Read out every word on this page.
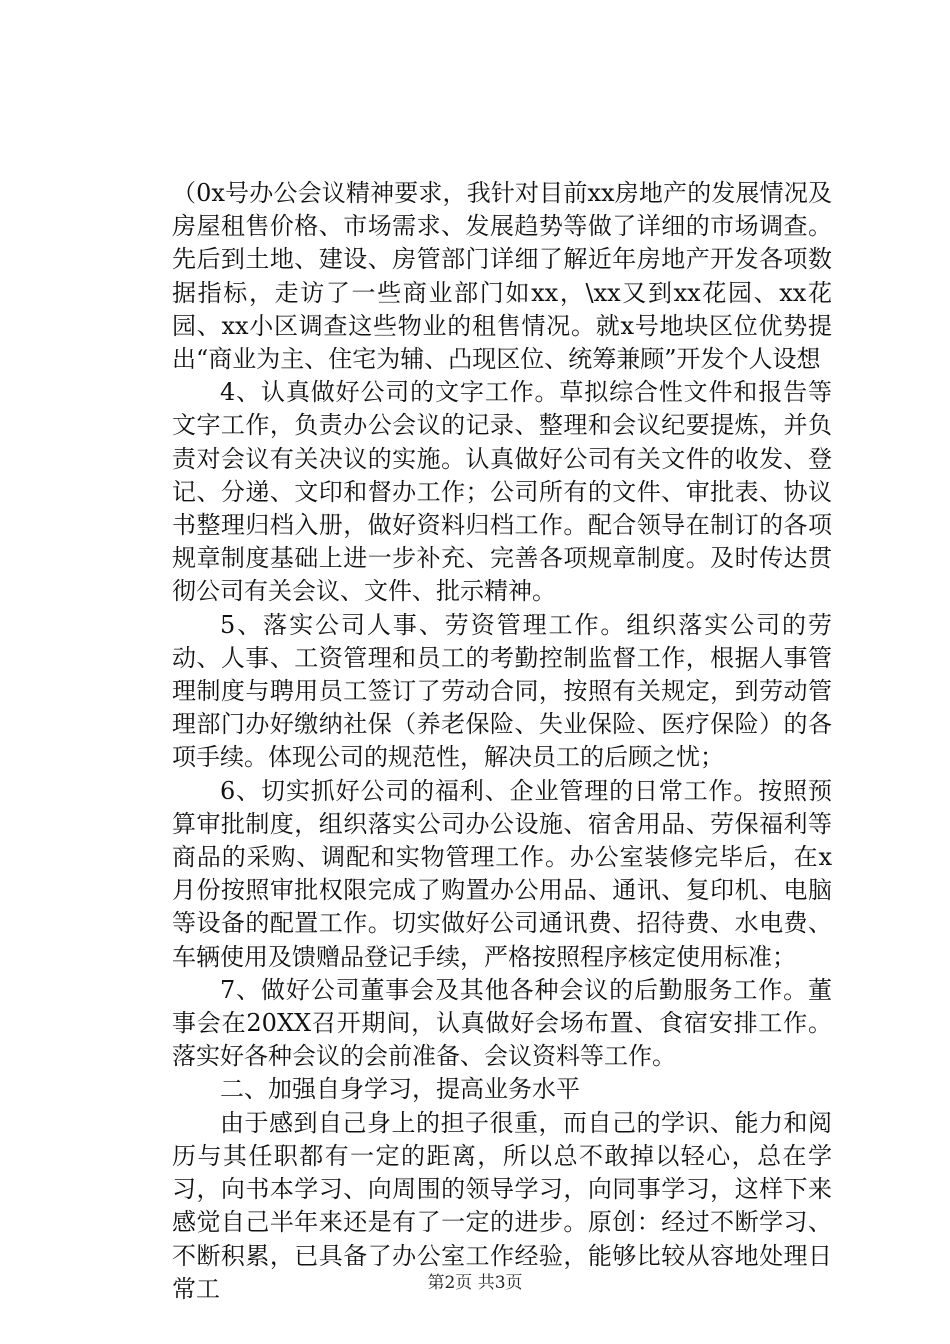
（0x号办公会议精神要求，我针对目前xx房地产的发展情况及房屋租售价格、市场需求、发展趋势等做了详细的市场调查。先后到土地、建设、房管部门详细了解近年房地产开发各项数据指标，走访了一些商业部门如xx，\xx又到xx花园、xx花园、xx小区调查这些物业的租售情况。就x号地块区位优势提出“商业为主、住宅为辅、凸现区位、统筹兼顾”开发个人设想

4、认真做好公司的文字工作。草拟综合性文件和报告等文字工作，负责办公会议的记录、整理和会议纪要提炼，并负责对会议有关决议的实施。认真做好公司有关文件的收发、登记、分递、文印和督办工作；公司所有的文件、审批表、协议书整理归档入册，做好资料归档工作。配合领导在制订的各项规章制度基础上进一步补充、完善各项规章制度。及时传达贯彻公司有关会议、文件、批示精神。

5、落实公司人事、劳资管理工作。组织落实公司的劳动、人事、工资管理和员工的考勤控制监督工作，根据人事管理制度与聘用员工签订了劳动合同，按照有关规定，到劳动管理部门办好缴纳社保（养老保险、失业保险、医疗保险）的各项手续。体现公司的规范性，解决员工的后顾之忧；

6、切实抓好公司的福利、企业管理的日常工作。按照预算审批制度，组织落实公司办公设施、宿舍用品、劳保福利等商品的采购、调配和实物管理工作。办公室装修完毕后，在x月份按照审批权限完成了购置办公用品、通讯、复印机、电脑等设备的配置工作。切实做好公司通讯费、招待费、水电费、车辆使用及馈赠品登记手续，严格按照程序核定使用标准；

7、做好公司董事会及其他各种会议的后勤服务工作。董事会在20XX召开期间，认真做好会场布置、食宿安排工作。落实好各种会议的会前准备、会议资料等工作。

二、加强自身学习，提高业务水平

由于感到自己身上的担子很重，而自己的学识、能力和阅历与其任职都有一定的距离，所以总不敢掉以轻心，总在学习，向书本学习、向周围的领导学习，向同事学习，这样下来感觉自己半年来还是有了一定的进步。原创：经过不断学习、不断积累，已具备了办公室工作经验，能够比较从容地处理日常工	第2页 共3页
